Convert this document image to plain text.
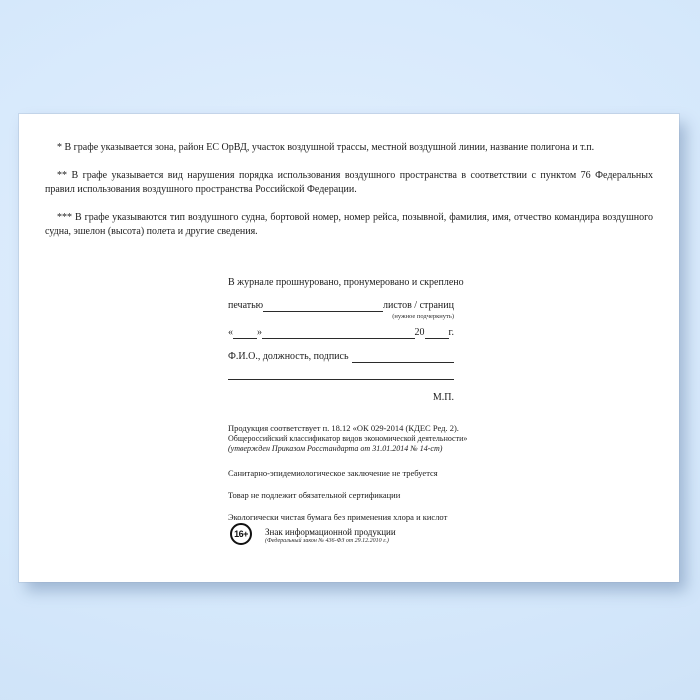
* В графе указывается зона, район ЕС ОрВД, участок воздушной трассы, местной воздушной линии, название полигона и т.п.

** В графе указывается вид нарушения порядка использования воздушного пространства в соответствии с пунктом 76 Федеральных правил использования воздушного пространства Российской Федерации.

*** В графе указываются тип воздушного судна, бортовой номер, номер рейса, позывной, фамилия, имя, отчество командира воздушного судна, эшелон (высота) полета и другие сведения.

В журнале прошнуровано, пронумеровано и скреплено
печатью	листов / страниц
(нужное подчеркнуть)
« »	20 г.
Ф.И.О., должность, подпись
М.П.
Продукция соответствует п. 18.12 «ОК 029-2014 (КДЕС Ред. 2).
Общероссийский классификатор видов экономической деятельности»
(утвержден Приказом Росстандарта от 31.01.2014 № 14-ст)
Санитарно-эпидемиологическое заключение не требуется
Товар не подлежит обязательной сертификации
Экологически чистая бумага без применения хлора и кислот
16+	Знак информационной продукции
(Федеральный закон № 436-ФЗ от 29.12.2010 г.)
